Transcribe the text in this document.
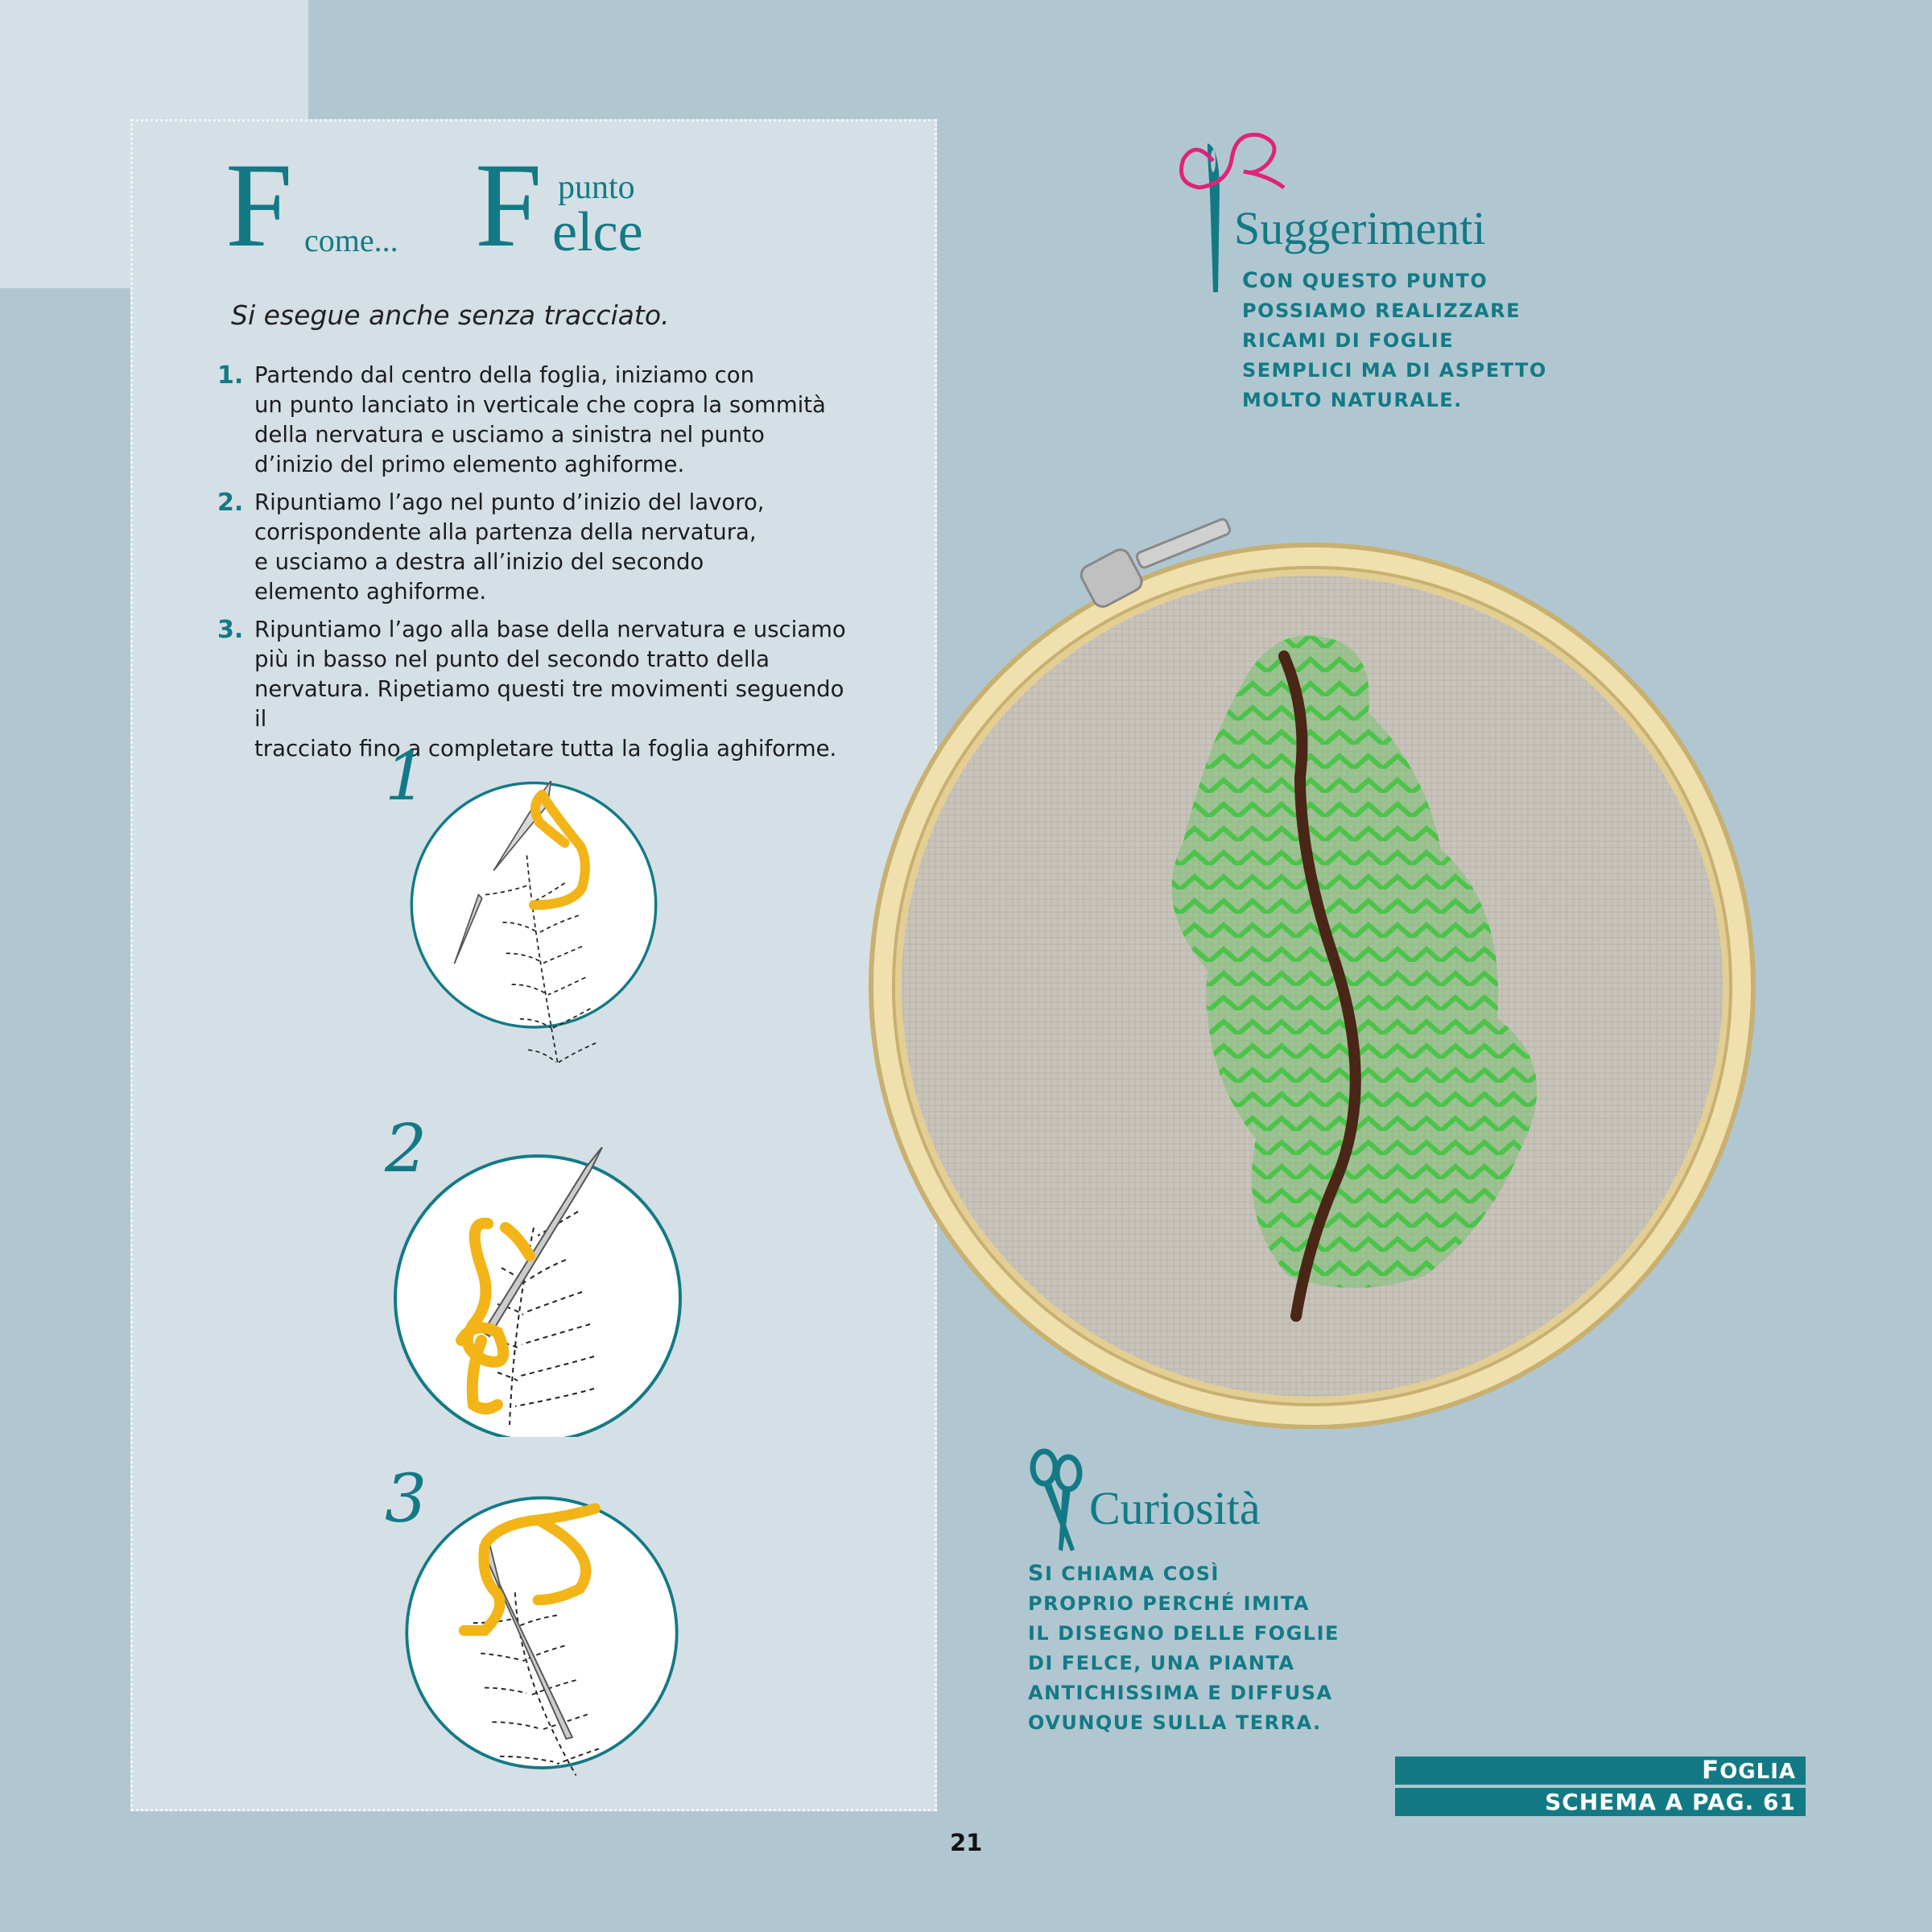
F come... F punto
elce
Si esegue anche senza tracciato.
1. Partendo dal centro della foglia, iniziamo con
un punto lanciato in verticale che copra la sommità
della nervatura e usciamo a sinistra nel punto
d’inizio del primo elemento aghiforme.
2. Ripuntiamo l’ago nel punto d’inizio del lavoro,
corrispondente alla partenza della nervatura,
e usciamo a destra all’inizio del secondo
elemento aghiforme.
3. Ripuntiamo l’ago alla base della nervatura e usciamo
più in basso nel punto del secondo tratto della
nervatura. Ripetiamo questi tre movimenti seguendo il
tracciato fino a completare tutta la foglia aghiforme.
1
2
3
Suggerimenti
CON QUESTO PUNTO
POSSIAMO REALIZZARE
RICAMI DI FOGLIE
SEMPLICI MA DI ASPETTO
MOLTO NATURALE.
Curiosità
SI CHIAMA COSÌ
PROPRIO PERCHÉ IMITA
IL DISEGNO DELLE FOGLIE
DI FELCE, UNA PIANTA
ANTICHISSIMA E DIFFUSA
OVUNQUE SULLA TERRA.
FOGLIA
SCHEMA A PAG. 61
21
